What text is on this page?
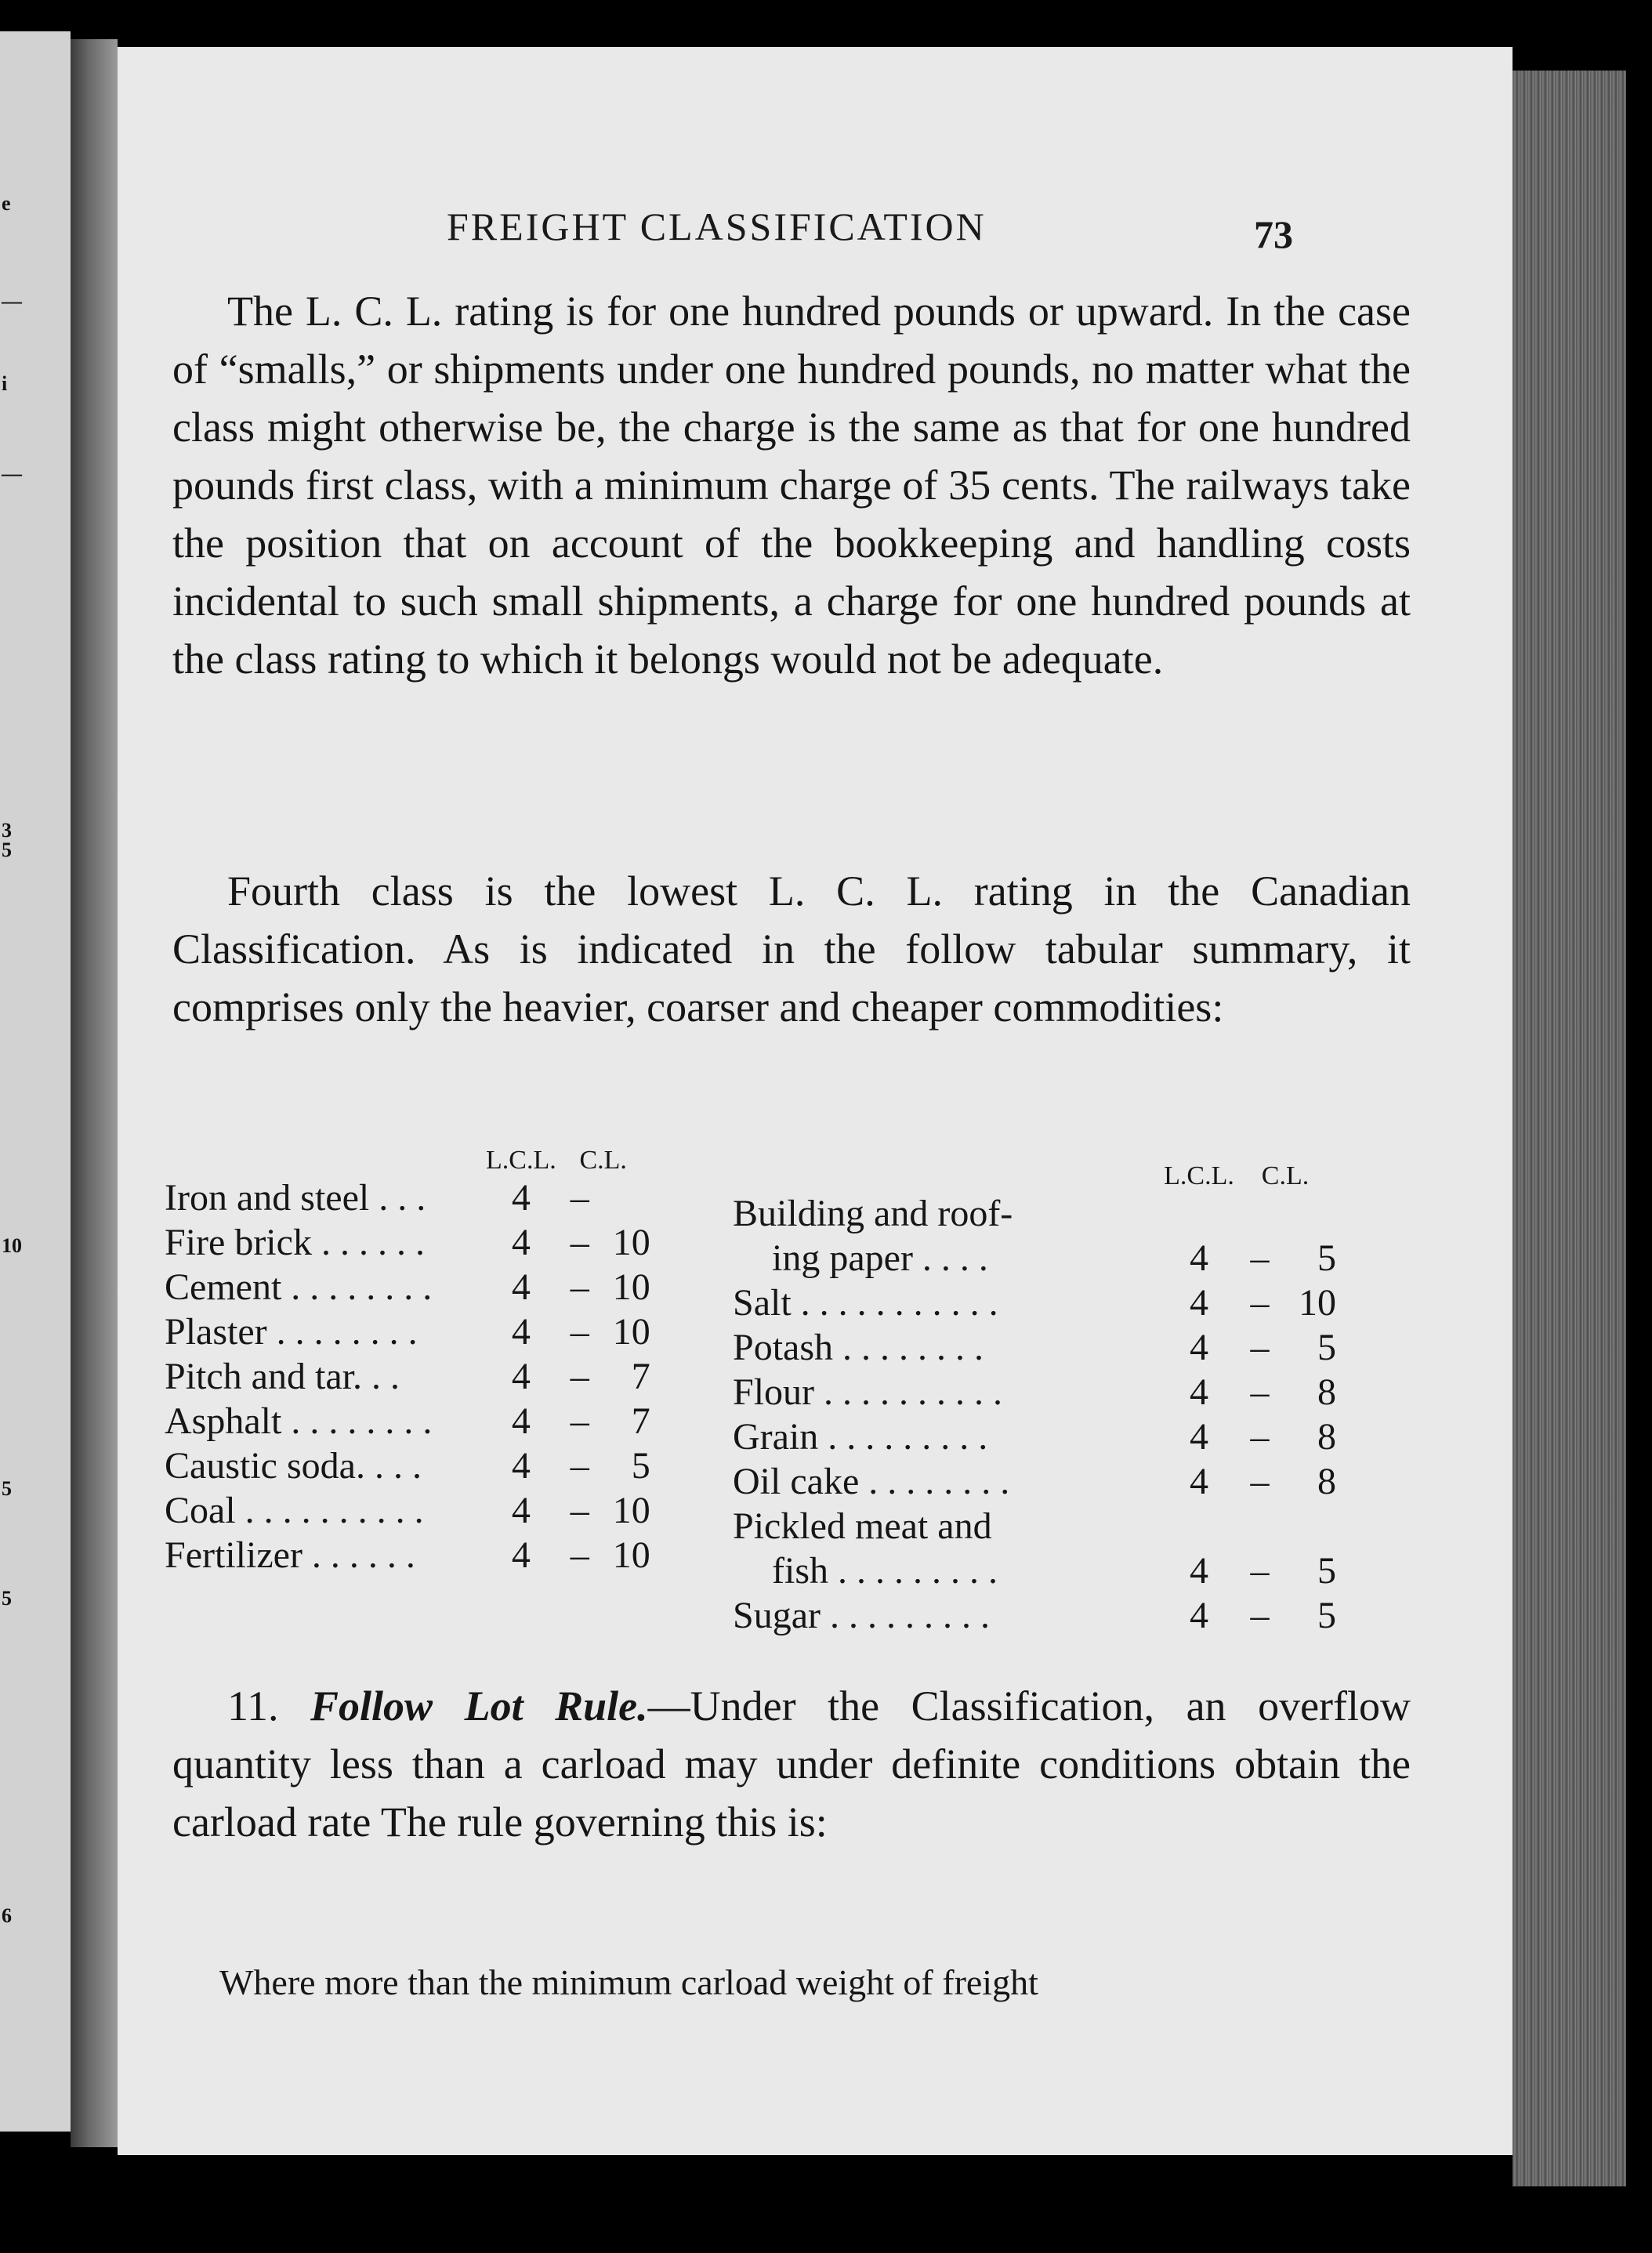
e
—
i
—
3
5
10
5
5
6
FREIGHT CLASSIFICATION	73

The L. C. L. rating is for one hundred pounds or upward. In the case of “smalls,” or shipments under one hundred pounds, no matter what the class might otherwise be, the charge is the same as that for one hundred pounds first class, with a minimum charge of 35 cents. The railways take the position that on account of the bookkeeping and handling costs incidental to such small shipments, a charge for one hundred pounds at the class rating to which it belongs would not be adequate.

Fourth class is the lowest L. C. L. rating in the Canadian Classification. As is indicated in the follow tabular summary, it comprises only the heavier, coarser and cheaper commodities:

	L.C.L.	C.L.	
Iron and steel . . .	4	–	
Fire brick . . . . . .	4	–	10
Cement . . . . . . . .	4	–	10
Plaster . . . . . . . .	4	–	10
Pitch and tar. . .	4	–	7
Asphalt . . . . . . . .	4	–	7
Caustic soda. . . .	4	–	5
Coal . . . . . . . . . .	4	–	10
Fertilizer . . . . . .	4	–	10
	L.C.L.	C.L.	
Building and roof-			
ing paper . . . .	4	–	5
Salt . . . . . . . . . . .	4	–	10
Potash . . . . . . . .	4	–	5
Flour . . . . . . . . . .	4	–	8
Grain . . . . . . . . .	4	–	8
Oil cake . . . . . . . .	4	–	8
Pickled meat and			
fish . . . . . . . . .	4	–	5
Sugar . . . . . . . . .	4	–	5

11. Follow Lot Rule.—Under the Classification, an overflow quantity less than a carload may under definite conditions obtain the carload rate The rule governing this is:

Where more than the minimum carload weight of freight
